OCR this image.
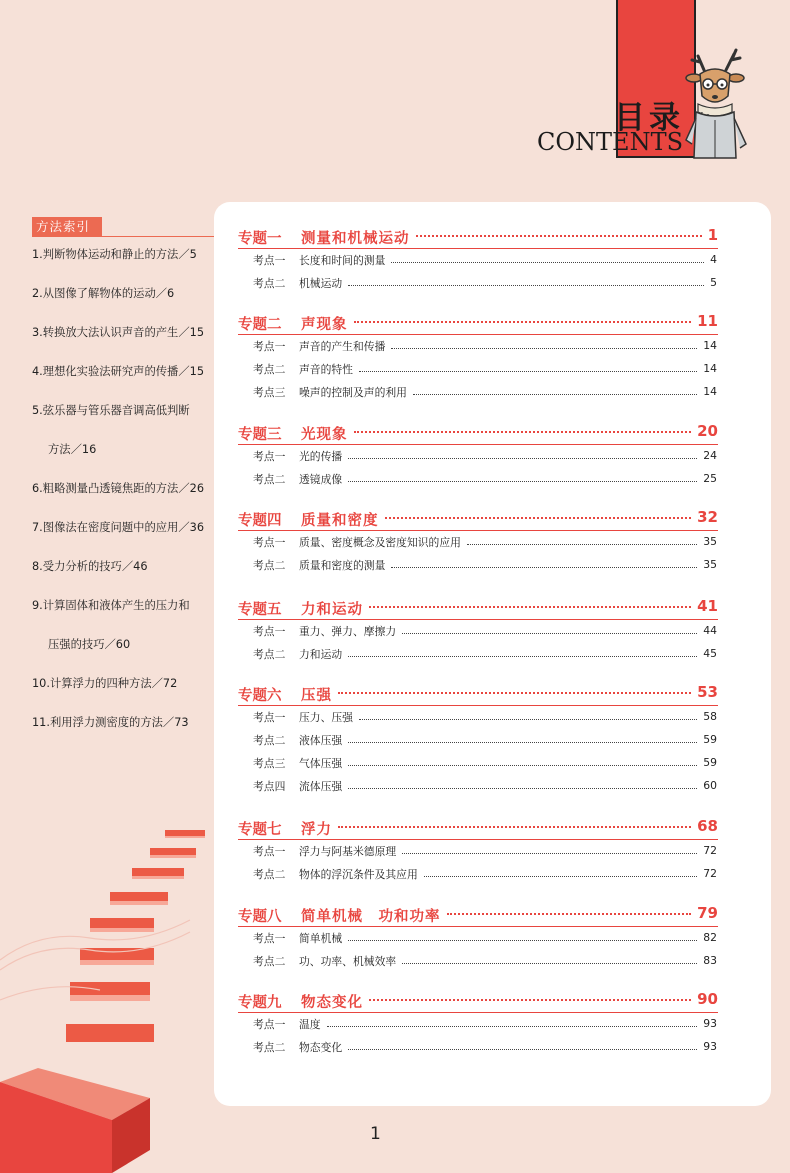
目录
CONTENTS
方法索引
1.判断物体运动和静止的方法／5
2.从图像了解物体的运动／6
3.转换放大法认识声音的产生／15
4.理想化实验法研究声的传播／15
5.弦乐器与管乐器音调高低判断
方法／16
6.粗略测量凸透镜焦距的方法／26
7.图像法在密度问题中的应用／36
8.受力分析的技巧／46
9.计算固体和液体产生的压力和
压强的技巧／60
10.计算浮力的四种方法／72
11.利用浮力测密度的方法／73
专题一 测量和机械运动	1
考点一 长度和时间的测量	4
考点二 机械运动	5
专题二 声现象	11
考点一 声音的产生和传播	14
考点二 声音的特性	14
考点三 噪声的控制及声的利用	14
专题三 光现象	20
考点一 光的传播	24
考点二 透镜成像	25
专题四 质量和密度	32
考点一 质量、密度概念及密度知识的应用	35
考点二 质量和密度的测量	35
专题五 力和运动	41
考点一 重力、弹力、摩擦力	44
考点二 力和运动	45
专题六 压强	53
考点一 压力、压强	58
考点二 液体压强	59
考点三 气体压强	59
考点四 流体压强	60
专题七 浮力	68
考点一 浮力与阿基米德原理	72
考点二 物体的浮沉条件及其应用	72
专题八 简单机械　功和功率	79
考点一 简单机械	82
考点二 功、功率、机械效率	83
专题九 物态变化	90
考点一 温度	93
考点二 物态变化	93
1
